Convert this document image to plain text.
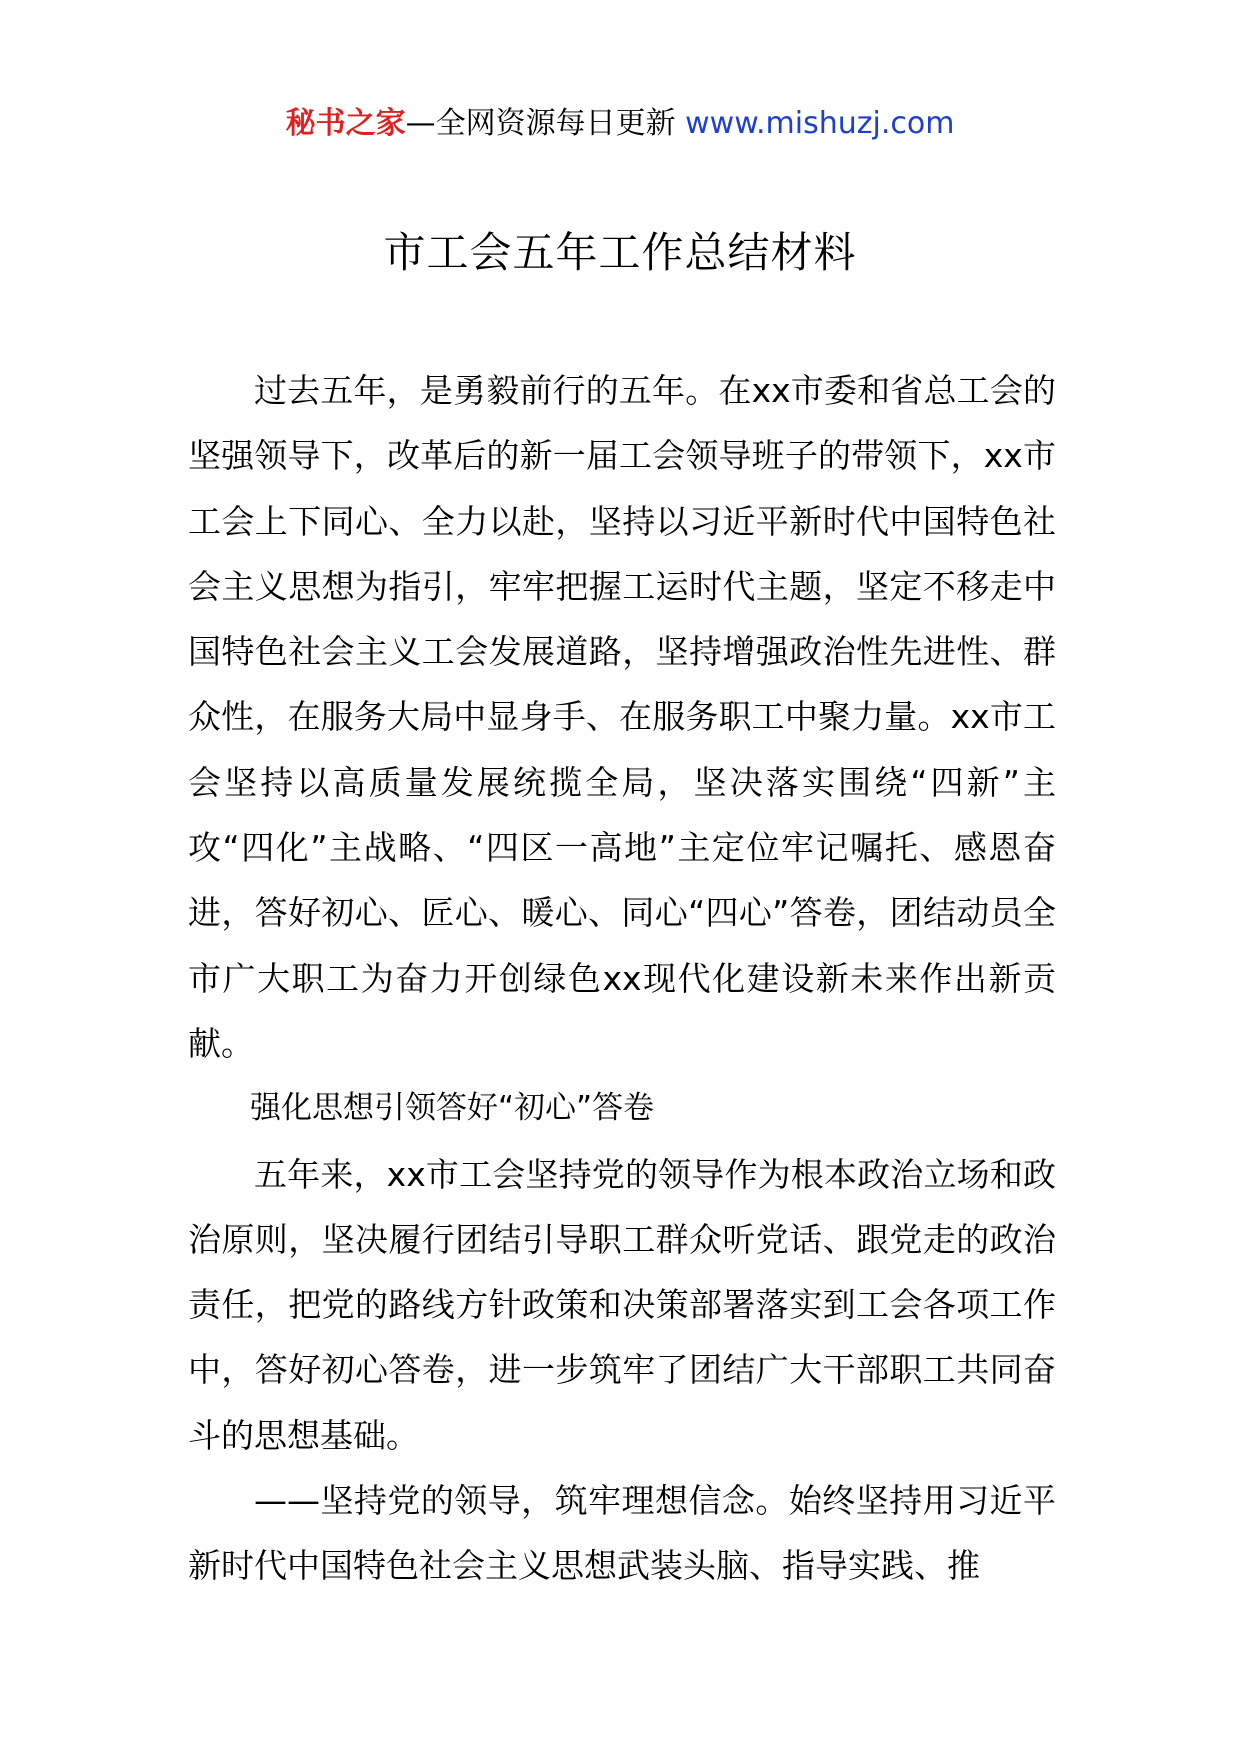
秘书之家—全网资源每日更新 www.mishuzj.com
市工会五年工作总结材料

过去五年，是勇毅前行的五年。在xx市委和省总工会的坚强领导下，改革后的新一届工会领导班子的带领下，xx市工会上下同心、全力以赴，坚持以习近平新时代中国特色社会主义思想为指引，牢牢把握工运时代主题，坚定不移走中国特色社会主义工会发展道路，坚持增强政治性先进性、群众性，在服务大局中显身手、在服务职工中聚力量。xx市工会坚持以高质量发展统揽全局，坚决落实围绕“四新”主攻“四化”主战略、“四区一高地”主定位牢记嘱托、感恩奋进，答好初心、匠心、暖心、同心“四心”答卷，团结动员全市广大职工为奋力开创绿色xx现代化建设新未来作出新贡献。

强化思想引领答好“初心”答卷

五年来，xx市工会坚持党的领导作为根本政治立场和政治原则，坚决履行团结引导职工群众听党话、跟党走的政治责任，把党的路线方针政策和决策部署落实到工会各项工作中，答好初心答卷，进一步筑牢了团结广大干部职工共同奋斗的思想基础。

——坚持党的领导，筑牢理想信念。始终坚持用习近平新时代中国特色社会主义思想武装头脑、指导实践、推
